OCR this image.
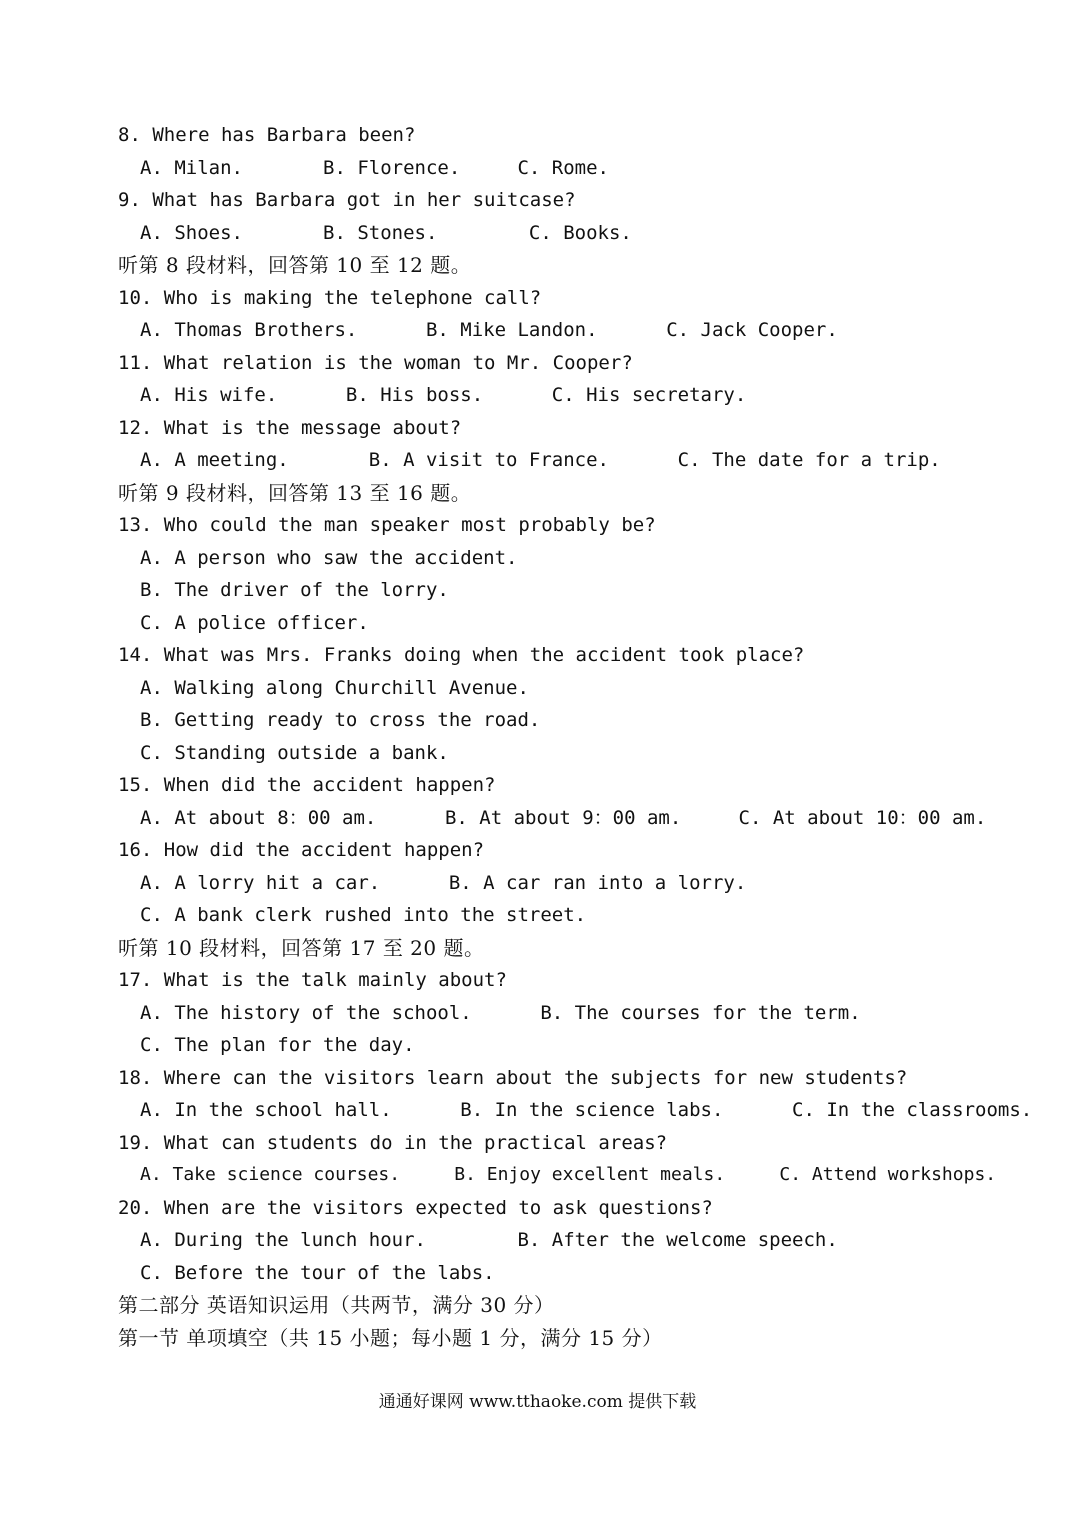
8. Where has Barbara been?
A. Milan.       B. Florence.     C. Rome.
9. What has Barbara got in her suitcase?
A. Shoes.       B. Stones.        C. Books.
听第 8 段材料，回答第 10 至 12 题。
10. Who is making the telephone call?
A. Thomas Brothers.      B. Mike Landon.      C. Jack Cooper.
11. What relation is the woman to Mr. Cooper?
A. His wife.      B. His boss.      C. His secretary.
12. What is the message about?
A. A meeting.       B. A visit to France.      C. The date for a trip.
听第 9 段材料，回答第 13 至 16 题。
13. Who could the man speaker most probably be?
A. A person who saw the accident.
B. The driver of the lorry.
C. A police officer.
14. What was Mrs. Franks doing when the accident took place?
A. Walking along Churchill Avenue.
B. Getting ready to cross the road.
C. Standing outside a bank.
15. When did the accident happen?
A. At about 8：00 am.      B. At about 9：00 am.     C. At about 10：00 am.
16. How did the accident happen?
A. A lorry hit a car.      B. A car ran into a lorry.
C. A bank clerk rushed into the street.
听第 10 段材料，回答第 17 至 20 题。
17. What is the talk mainly about?
A. The history of the school.      B. The courses for the term.
C. The plan for the day.
18. Where can the visitors learn about the subjects for new students?
A. In the school hall.      B. In the science labs.      C. In the classrooms.
19. What can students do in the practical areas?
A. Take science courses.     B. Enjoy excellent meals.     C. Attend workshops.
20. When are the visitors expected to ask questions?
A. During the lunch hour.        B. After the welcome speech.
C. Before the tour of the labs.
第二部分 英语知识运用（共两节，满分 30 分）
第一节 单项填空（共 15 小题；每小题 1 分，满分 15 分）
通通好课网 www.tthaoke.com 提供下载
